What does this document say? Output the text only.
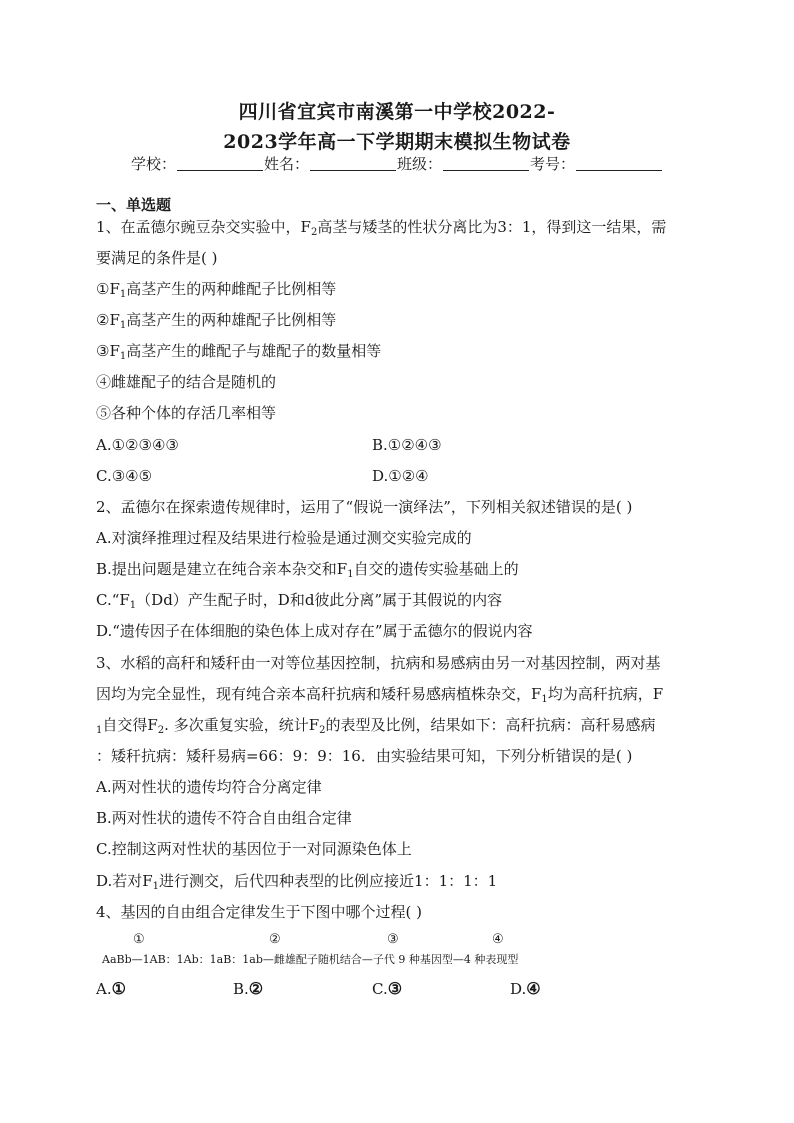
四川省宜宾市南溪第一中学校2022-
2023学年高一下学期期末模拟生物试卷
学校：	姓名：	班级：	考号：
一、单选题
1、在孟德尔豌豆杂交实验中，$F_2$高茎与矮茎的性状分离比为3：1，得到这一结果，需
要满足的条件是( )
$①F_1$高茎产生的两种雌配子比例相等
$②F_1$高茎产生的两种雄配子比例相等
$③F_1$高茎产生的雌配子与雄配子的数量相等
④雌雄配子的结合是随机的
⑤各种个体的存活几率相等
A.①②③④③	B.①②④③
C.③④⑤	D.①②④
2、孟德尔在探索遗传规律时，运用了“假说一演绎法”，下列相关叙述错误的是( )
A.对演绎推理过程及结果进行检验是通过测交实验完成的
B.提出问题是建立在纯合亲本杂交和$F_1$自交的遗传实验基础上的
$C.“F_1(Dd)$产生配子时，D和d彼此分离”属于其假说的内容
D.“遗传因子在体细胞的染色体上成对存在”属于孟德尔的假说内容
3、水稻的高秆和矮秆由一对等位基因控制，抗病和易感病由另一对基因控制，两对基
因均为完全显性，现有纯合亲本高秆抗病和矮秆易感病植株杂交，$F_1$均为高秆抗病，F
$_1$自交得$F_2$. 多次重复实验，统计$F_2$的表型及比例，结果如下：高秆抗病：高秆易感病
：矮秆抗病：矮秆易病=66：9：9：16．由实验结果可知，下列分析错误的是( )
A.两对性状的遗传均符合分离定律
B.两对性状的遗传不符合自由组合定律
C.控制这两对性状的基因位于一对同源染色体上
D.若对$F_1$进行测交，后代四种表型的比例应接近1：1：1：1
4、基因的自由组合定律发生于下图中哪个过程( )
①	②	③	④
AaBb—1AB：1Ab：1aB：1ab—雌雄配子随机结合—子代 9 种基因型—4 种表现型
A.①	B.②	C.③	D.④
